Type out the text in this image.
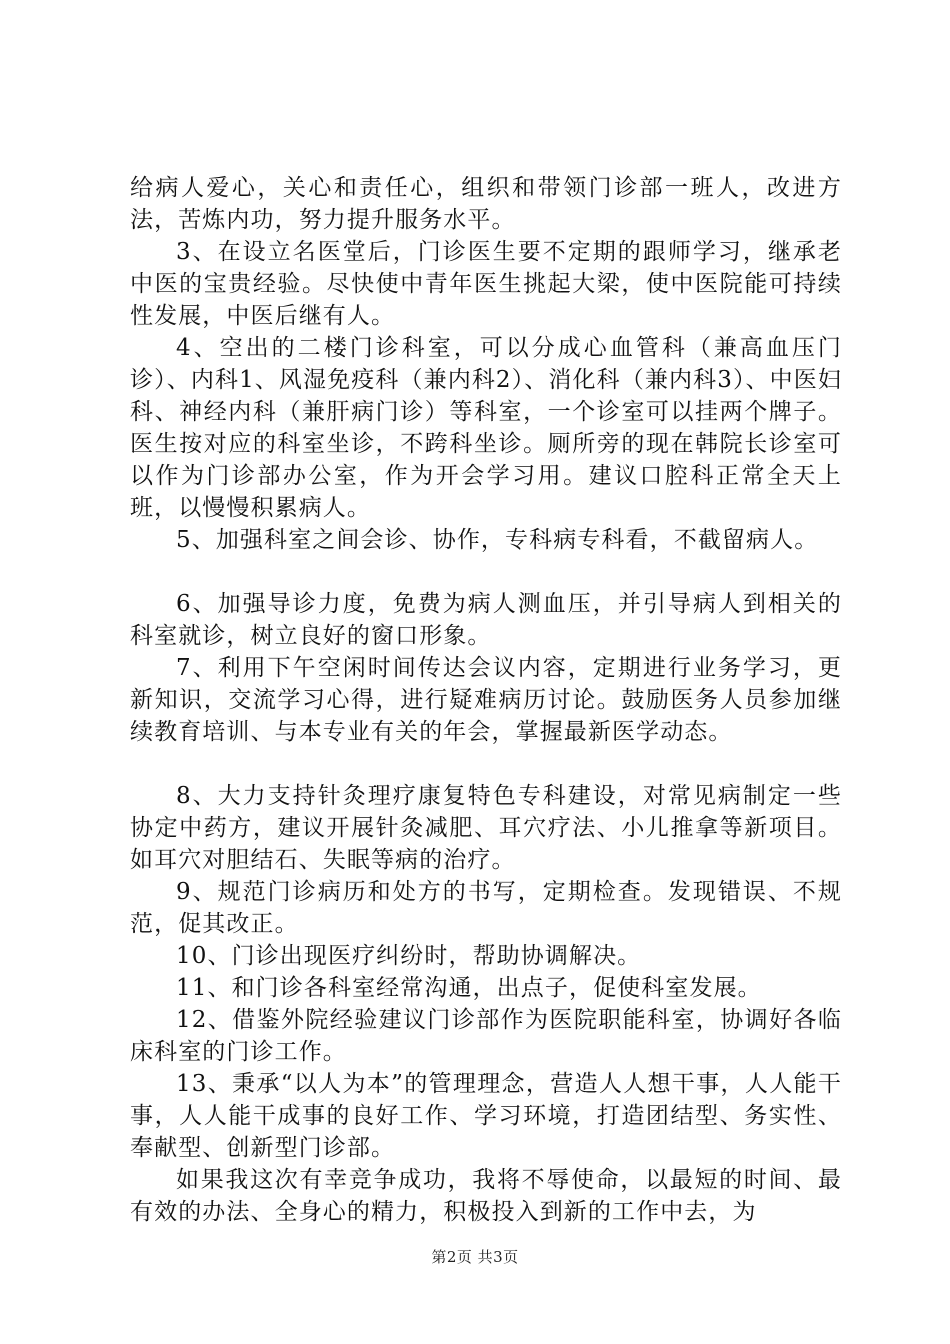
给病人爱心，关心和责任心，组织和带领门诊部一班人，改进方法，苦炼内功，努力提升服务水平。

3、在设立名医堂后，门诊医生要不定期的跟师学习，继承老中医的宝贵经验。尽快使中青年医生挑起大梁，使中医院能可持续性发展，中医后继有人。

4、空出的二楼门诊科室，可以分成心血管科（兼高血压门诊）、内科1、风湿免疫科（兼内科2）、消化科（兼内科3）、中医妇科、神经内科（兼肝病门诊）等科室，一个诊室可以挂两个牌子。医生按对应的科室坐诊，不跨科坐诊。厕所旁的现在韩院长诊室可以作为门诊部办公室，作为开会学习用。建议口腔科正常全天上班，以慢慢积累病人。

5、加强科室之间会诊、协作，专科病专科看，不截留病人。

6、加强导诊力度，免费为病人测血压，并引导病人到相关的科室就诊，树立良好的窗口形象。

7、利用下午空闲时间传达会议内容，定期进行业务学习，更新知识，交流学习心得，进行疑难病历讨论。鼓励医务人员参加继续教育培训、与本专业有关的年会，掌握最新医学动态。

8、大力支持针灸理疗康复特色专科建设，对常见病制定一些协定中药方，建议开展针灸减肥、耳穴疗法、小儿推拿等新项目。如耳穴对胆结石、失眠等病的治疗。

9、规范门诊病历和处方的书写，定期检查。发现错误、不规范，促其改正。

10、门诊出现医疗纠纷时，帮助协调解决。

11、和门诊各科室经常沟通，出点子，促使科室发展。

12、借鉴外院经验建议门诊部作为医院职能科室，协调好各临床科室的门诊工作。

13、秉承“以人为本”的管理理念，营造人人想干事，人人能干事，人人能干成事的良好工作、学习环境，打造团结型、务实性、奉献型、创新型门诊部。

如果我这次有幸竞争成功，我将不辱使命，以最短的时间、最有效的办法、全身心的精力，积极投入到新的工作中去，为

第2页 共3页
